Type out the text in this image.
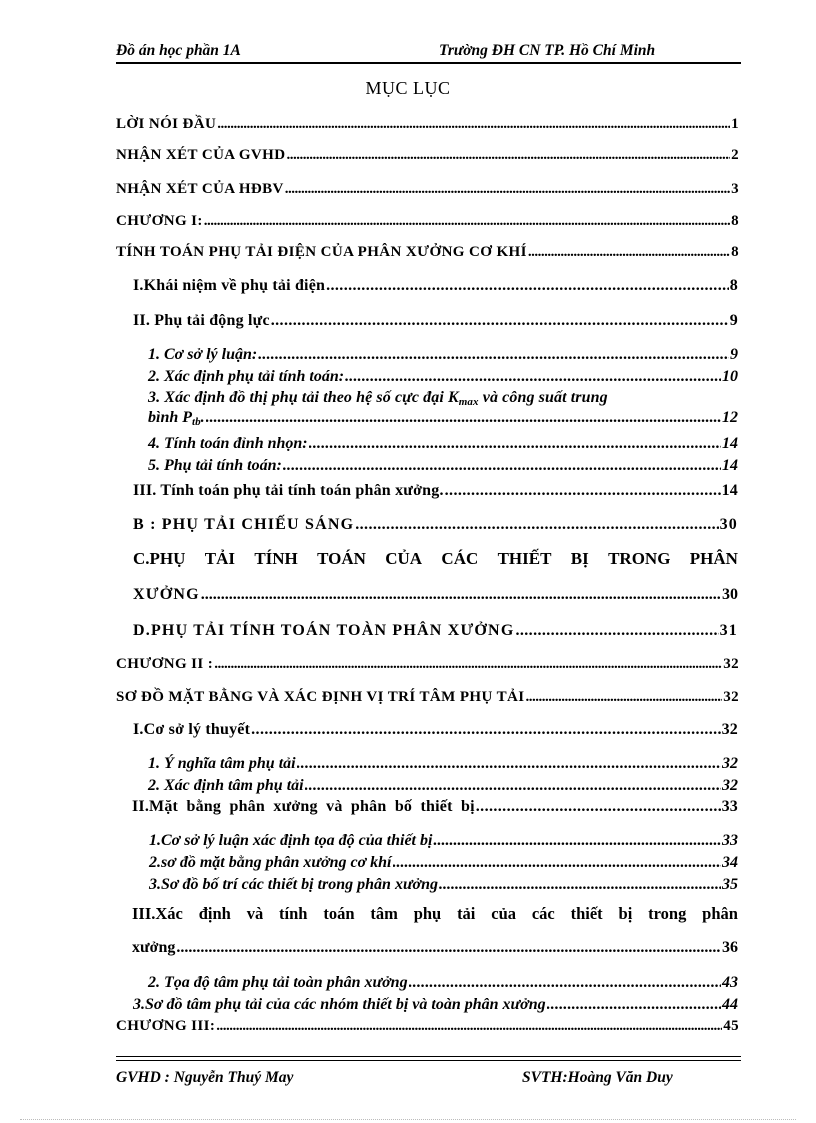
Đồ án học phần 1A	Trường ĐH CN TP. Hồ Chí Minh
MỤC LỤC
LỜI NÓI ĐẦU .....	1
NHẬN XÉT CỦA GVHD .....	2
NHẬN XÉT CỦA HĐBV .....	3
CHƯƠNG I: .....	8
TÍNH TOÁN PHỤ TẢI ĐIỆN CỦA PHÂN XƯỞNG CƠ KHÍ .....	8
I.Khái niệm về phụ tải điện .....	8
II. Phụ tải động lực .....	9
1. Cơ sở lý luận: .....	9
2. Xác định phụ tải tính toán: .....	10
3. Xác định đồ thị phụ tải theo hệ số cực đại $K_{max}$ và công suất trung
bình $P_{tb}$. .....	12
4. Tính toán đỉnh nhọn: .....	14
5. Phụ tải tính toán: .....	14
III. Tính toán phụ tải tính toán phân xưởng. .....	14
B : PHỤ TẢI CHIẾU SÁNG .....	30
C.PHỤ TẢI TÍNH TOÁN CỦA CÁC THIẾT BỊ TRONG PHÂN
XƯỞNG .....	30
D.PHỤ TẢI TÍNH TOÁN TOÀN PHÂN XƯỞNG .....	31
CHƯƠNG II : .....	32
SƠ ĐỒ MẶT BẰNG VÀ XÁC ĐỊNH VỊ TRÍ TÂM PHỤ TẢI .....	32
I.Cơ sở lý thuyết .....	32
1. Ý nghĩa tâm phụ tải .....	32
2. Xác định tâm phụ tải .....	32
II.Mặt  bằng  phân  xưởng  và  phân  bố  thiết  bị .....	33
1.Cơ sở lý luận xác định tọa độ của thiết bị .....	33
2.sơ đồ mặt bằng phân xưởng cơ khí .....	34
3.Sơ đồ bố trí các thiết bị trong phân xưởng .....	35
III.Xác định và tính toán tâm phụ tải của các thiết bị trong phân
xưởng .....	36
2. Tọa độ tâm phụ tải toàn phân xưởng .....	43
3.Sơ đồ tâm phụ tải của các nhóm thiết bị và toàn phân xưởng .....	44
CHƯƠNG III: .....	45
GVHD : Nguyễn Thuý May	SVTH:Hoàng Văn Duy
